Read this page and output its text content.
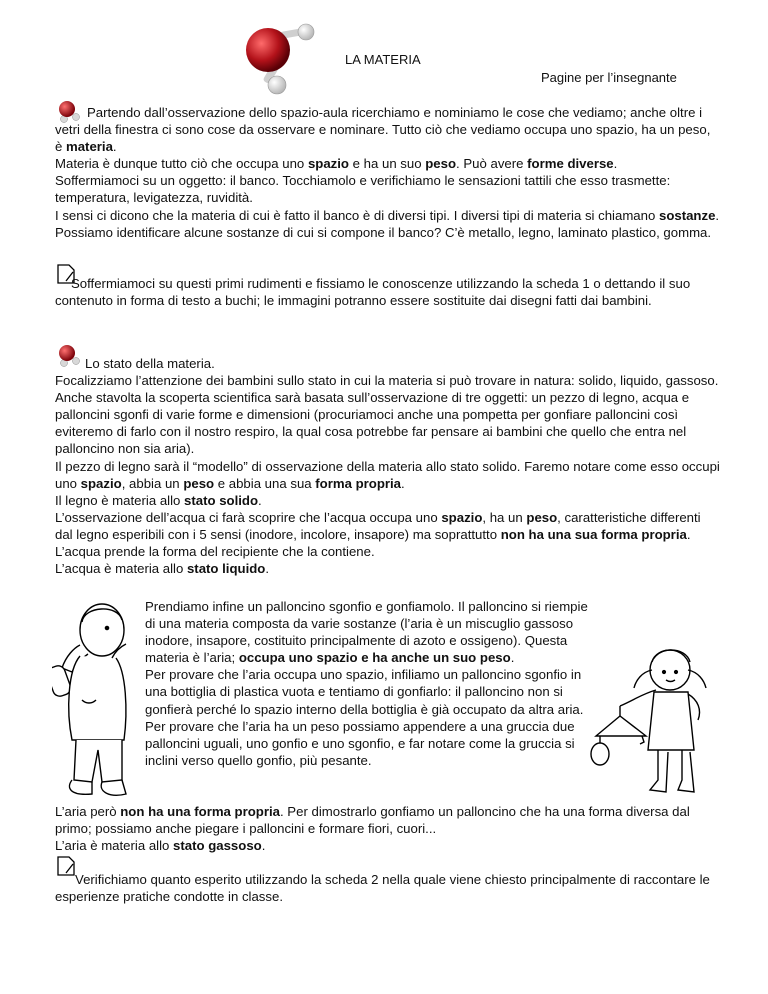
LA MATERIA
Pagine per l’insegnante

Partendo dall’osservazione dello spazio-aula ricerchiamo e nominiamo le cose che vediamo; anche oltre i vetri della finestra ci sono cose da osservare e nominare. Tutto ciò che vediamo occupa uno spazio, ha un peso, è materia.

Materia è dunque tutto ciò che occupa uno spazio e ha un suo peso. Può avere forme diverse.

Soffermiamoci su un oggetto: il banco. Tocchiamolo e verifichiamo le sensazioni tattili che esso trasmette: temperatura, levigatezza, ruvidità.

I sensi ci dicono che la materia di cui è fatto il banco è di diversi tipi. I diversi tipi di materia si chiamano sostanze. Possiamo identificare alcune sostanze di cui si compone il banco? C’è metallo, legno, laminato plastico, gomma.

Soffermiamoci su questi primi rudimenti e fissiamo le conoscenze utilizzando la scheda 1 o dettando il suo contenuto in forma di testo a buchi; le immagini potranno essere sostituite dai disegni fatti dai bambini.

Lo stato della materia.

Focalizziamo l’attenzione dei bambini sullo stato in cui la materia si può trovare in natura: solido, liquido, gassoso.

Anche stavolta la scoperta scientifica sarà basata sull’osservazione di tre oggetti: un pezzo di legno, acqua e palloncini sgonfi di varie forme e dimensioni (procuriamoci anche una pompetta per gonfiare palloncini così eviteremo di farlo con il nostro respiro, la qual cosa potrebbe far pensare ai bambini che quello che entra nel palloncino non sia aria).

Il pezzo di legno sarà il “modello” di osservazione della materia allo stato solido. Faremo notare come esso occupi uno spazio, abbia un peso e abbia una sua forma propria.

Il legno è materia allo stato solido.

L’osservazione dell’acqua ci farà scoprire che l’acqua occupa uno spazio, ha un peso, caratteristiche differenti dal legno esperibili con i 5 sensi (inodore, incolore, insapore) ma soprattutto non ha una sua forma propria. L’acqua prende la forma del recipiente che la contiene.

L’acqua è materia allo stato liquido.

Prendiamo infine un palloncino sgonfio e gonfiamolo. Il palloncino si riempie di una materia composta da varie sostanze (l’aria è un miscuglio gassoso inodore, insapore, costituito principalmente di azoto e ossigeno). Questa materia è l’aria; occupa uno spazio e ha anche un suo peso.

Per provare che l’aria occupa uno spazio, infiliamo un palloncino sgonfio in una bottiglia di plastica vuota e tentiamo di gonfiarlo: il palloncino non si gonfierà perché lo spazio interno della bottiglia è già occupato da altra aria.

Per provare che l’aria ha un peso possiamo appendere a una gruccia due palloncini uguali, uno gonfio e uno sgonfio, e far notare come la gruccia si inclini verso quello gonfio, più pesante.

L’aria però non ha una forma propria. Per dimostrarlo gonfiamo un palloncino che ha una forma diversa dal primo; possiamo anche piegare i palloncini e formare fiori, cuori...

L’aria è materia allo stato gassoso.

Verifichiamo quanto esperito utilizzando la scheda 2 nella quale viene chiesto principalmente di raccontare le esperienze pratiche condotte in classe.
